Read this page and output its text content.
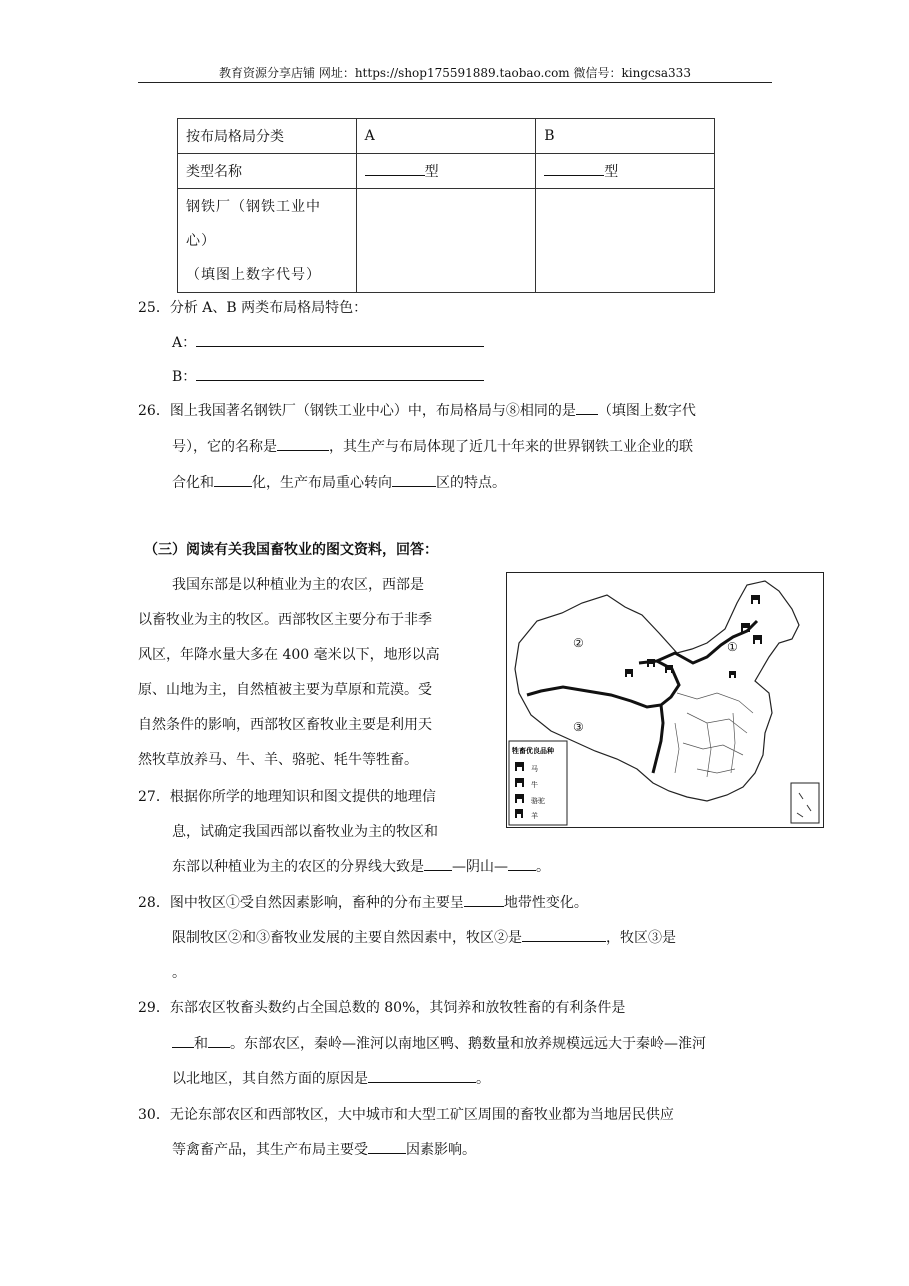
教育资源分享店铺 网址：https://shop175591889.taobao.com 微信号：kingcsa333
按布局格局分类	A	B
类型名称	型	型

钢铁厂（钢铁工业中
心）
（填图上数字代号）		

25．分析 A、B 两类布局格局特色：
A：
B：
26．图上我国著名钢铁厂（钢铁工业中心）中，布局格局与⑧相同的是 （填图上数字代
号），它的名称是	，其生产与布局体现了近几十年来的世界钢铁工业企业的联
合化和	化，生产布局重心转向	区的特点。
（三）阅读有关我国畜牧业的图文资料，回答：
我国东部是以种植业为主的农区，西部是
以畜牧业为主的牧区。西部牧区主要分布于非季
风区，年降水量大多在 400 毫米以下，地形以高
原、山地为主，自然植被主要为草原和荒漠。受
自然条件的影响，西部牧区畜牧业主要是利用天
然牧草放养马、牛、羊、骆驼、牦牛等牲畜。
②	①
③
牲畜优良品种
马
牛
骆驼
羊
27．根据你所学的地理知识和图文提供的地理信
息，试确定我国西部以畜牧业为主的牧区和
东部以种植业为主的农区的分界线大致是 —阴山— 。
28．图中牧区①受自然因素影响，畜种的分布主要呈	地带性变化。
限制牧区②和③畜牧业发展的主要自然因素中，牧区②是	，牧区③是
。
29．东部农区牧畜头数约占全国总数的 80%，其饲养和放牧牲畜的有利条件是
和 。东部农区，秦岭—淮河以南地区鸭、鹅数量和放养规模远远大于秦岭—淮河
以北地区，其自然方面的原因是	。
30．无论东部农区和西部牧区，大中城市和大型工矿区周围的畜牧业都为当地居民供应
等禽畜产品，其生产布局主要受	因素影响。
